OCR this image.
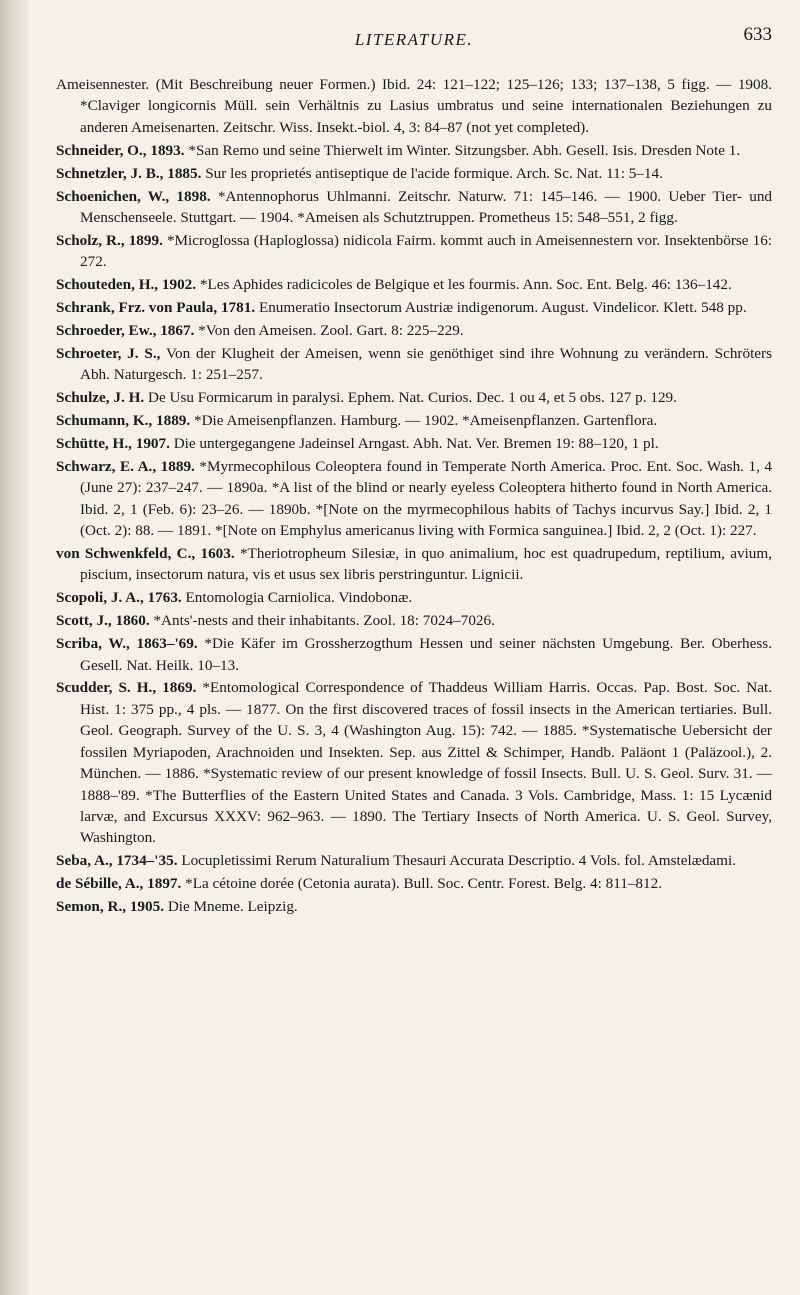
LITERATURE.	633

Ameisennester. (Mit Beschreibung neuer Formen.) Ibid. 24: 121–122; 125–126; 133; 137–138, 5 figg. — 1908. *Claviger longicornis Müll. sein Verhältnis zu Lasius umbratus und seine internationalen Beziehungen zu anderen Ameisenarten. Zeitschr. Wiss. Insekt.-biol. 4, 3: 84–87 (not yet completed).

Schneider, O., 1893. *San Remo und seine Thierwelt im Winter. Sitzungsber. Abh. Gesell. Isis. Dresden Note 1.

Schnetzler, J. B., 1885. Sur les proprietés antiseptique de l'acide formique. Arch. Sc. Nat. 11: 5–14.

Schoenichen, W., 1898. *Antennophorus Uhlmanni. Zeitschr. Naturw. 71: 145–146. — 1900. Ueber Tier- und Menschenseele. Stuttgart. — 1904. *Ameisen als Schutztruppen. Prometheus 15: 548–551, 2 figg.

Scholz, R., 1899. *Microglossa (Haploglossa) nidicola Fairm. kommt auch in Ameisennestern vor. Insektenbörse 16: 272.

Schouteden, H., 1902. *Les Aphides radicicoles de Belgique et les fourmis. Ann. Soc. Ent. Belg. 46: 136–142.

Schrank, Frz. von Paula, 1781. Enumeratio Insectorum Austriæ indigenorum. August. Vindelicor. Klett. 548 pp.

Schroeder, Ew., 1867. *Von den Ameisen. Zool. Gart. 8: 225–229.

Schroeter, J. S., Von der Klugheit der Ameisen, wenn sie genöthiget sind ihre Wohnung zu verändern. Schröters Abh. Naturgesch. 1: 251–257.

Schulze, J. H. De Usu Formicarum in paralysi. Ephem. Nat. Curios. Dec. 1 ou 4, et 5 obs. 127 p. 129.

Schumann, K., 1889. *Die Ameisenpflanzen. Hamburg. — 1902. *Ameisenpflanzen. Gartenflora.

Schütte, H., 1907. Die untergegangene Jadeinsel Arngast. Abh. Nat. Ver. Bremen 19: 88–120, 1 pl.

Schwarz, E. A., 1889. *Myrmecophilous Coleoptera found in Temperate North America. Proc. Ent. Soc. Wash. 1, 4 (June 27): 237–247. — 1890a. *A list of the blind or nearly eyeless Coleoptera hitherto found in North America. Ibid. 2, 1 (Feb. 6): 23–26. — 1890b. *[Note on the myrmecophilous habits of Tachys incurvus Say.] Ibid. 2, 1 (Oct. 2): 88. — 1891. *[Note on Emphylus americanus living with Formica sanguinea.] Ibid. 2, 2 (Oct. 1): 227.

von Schwenkfeld, C., 1603. *Theriotropheum Silesiæ, in quo animalium, hoc est quadrupedum, reptilium, avium, piscium, insectorum natura, vis et usus sex libris perstringuntur. Lignicii.

Scopoli, J. A., 1763. Entomologia Carniolica. Vindobonæ.

Scott, J., 1860. *Ants'-nests and their inhabitants. Zool. 18: 7024–7026.

Scriba, W., 1863–'69. *Die Käfer im Grossherzogthum Hessen und seiner nächsten Umgebung. Ber. Oberhess. Gesell. Nat. Heilk. 10–13.

Scudder, S. H., 1869. *Entomological Correspondence of Thaddeus William Harris. Occas. Pap. Bost. Soc. Nat. Hist. 1: 375 pp., 4 pls. — 1877. On the first discovered traces of fossil insects in the American tertiaries. Bull. Geol. Geograph. Survey of the U. S. 3, 4 (Washington Aug. 15): 742. — 1885. *Systematische Uebersicht der fossilen Myriapoden, Arachnoiden und Insekten. Sep. aus Zittel & Schimper, Handb. Paläont 1 (Paläzool.), 2. München. — 1886. *Systematic review of our present knowledge of fossil Insects. Bull. U. S. Geol. Surv. 31. — 1888–'89. *The Butterflies of the Eastern United States and Canada. 3 Vols. Cambridge, Mass. 1: 15 Lycænid larvæ, and Excursus XXXV: 962–963. — 1890. The Tertiary Insects of North America. U. S. Geol. Survey, Washington.

Seba, A., 1734–'35. Locupletissimi Rerum Naturalium Thesauri Accurata Descriptio. 4 Vols. fol. Amstelædami.

de Sébille, A., 1897. *La cétoine dorée (Cetonia aurata). Bull. Soc. Centr. Forest. Belg. 4: 811–812.

Semon, R., 1905. Die Mneme. Leipzig.
